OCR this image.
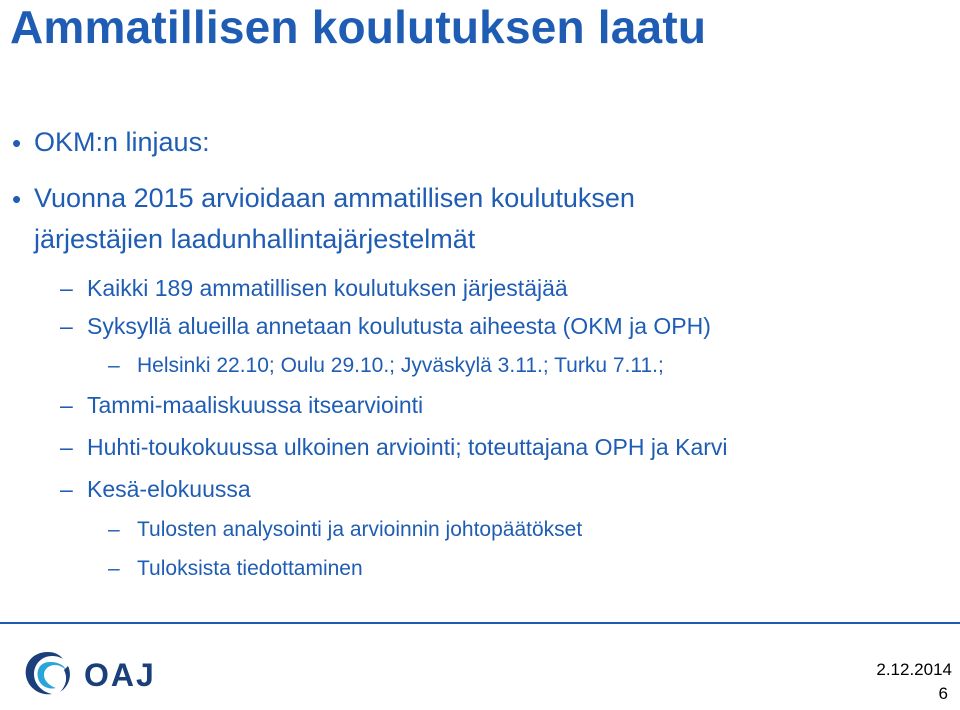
Ammatillisen koulutuksen laatu
• OKM:n linjaus:
• Vuonna 2015 arvioidaan ammatillisen koulutuksen
järjestäjien laadunhallintajärjestelmät
– Kaikki 189 ammatillisen koulutuksen järjestäjää
– Syksyllä alueilla annetaan koulutusta aiheesta (OKM ja OPH)
– Helsinki 22.10; Oulu 29.10.; Jyväskylä 3.11.; Turku 7.11.;
– Tammi-maaliskuussa itsearviointi
– Huhti-toukokuussa ulkoinen arviointi; toteuttajana OPH ja Karvi
– Kesä-elokuussa
– Tulosten analysointi ja arvioinnin johtopäätökset
– Tuloksista tiedottaminen
OAJ	2.12.2014
6
